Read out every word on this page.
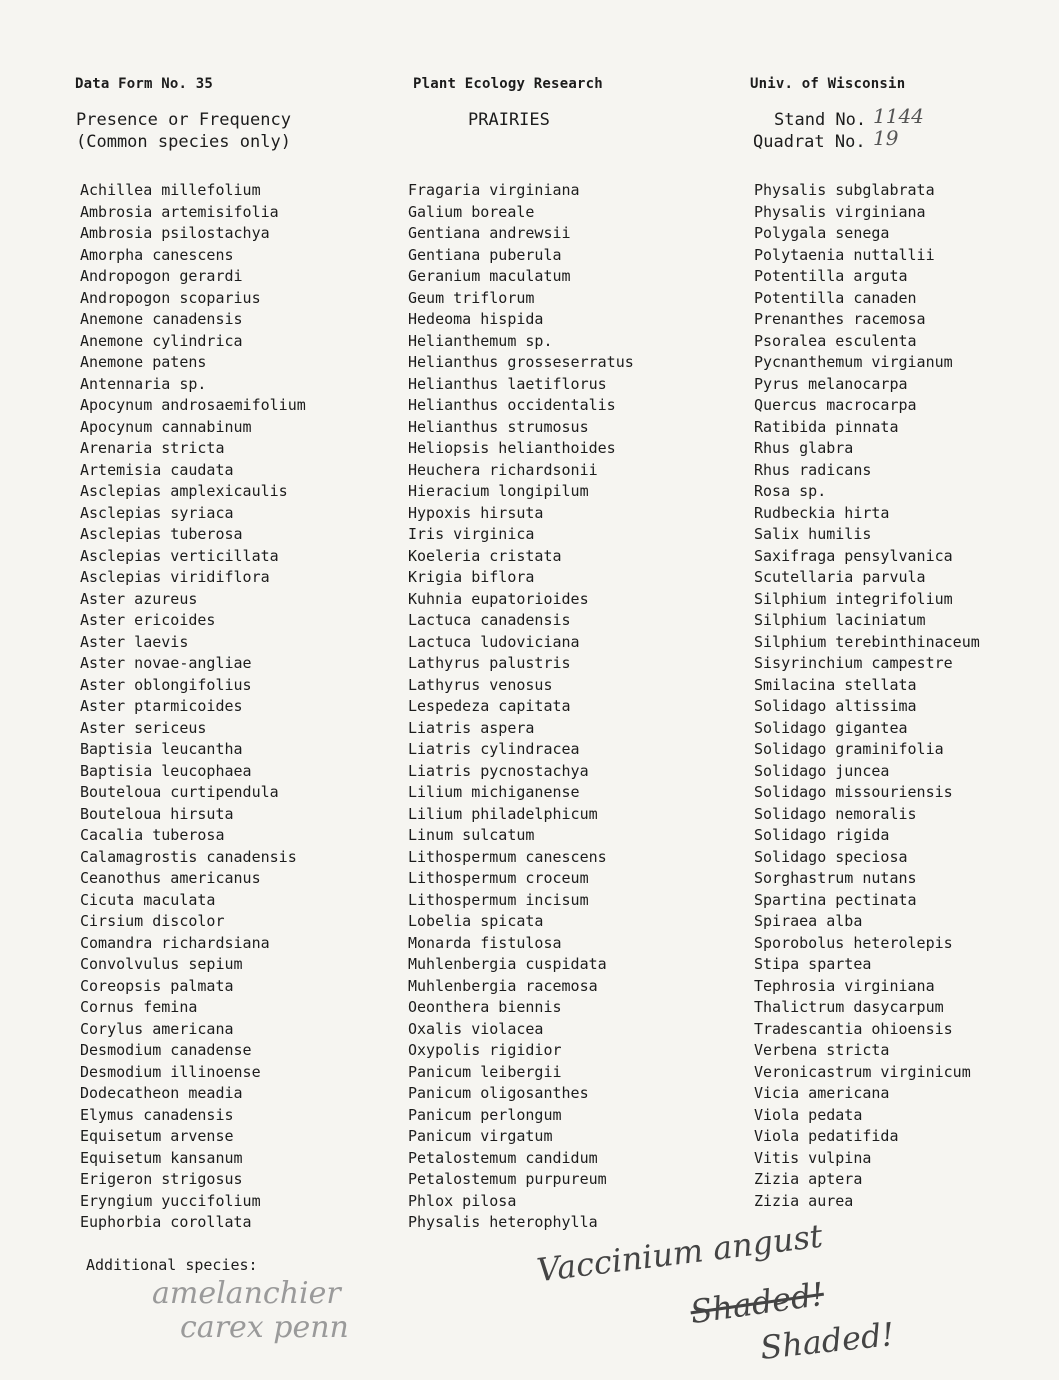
Data Form No. 35	Plant Ecology Research	Univ. of Wisconsin
Presence or Frequency
(Common species only)
PRAIRIES	Stand No. 1144
Quadrat No. 19
Achillea millefolium
Ambrosia artemisifolia
Ambrosia psilostachya
Amorpha canescens
Andropogon gerardi
Andropogon scoparius
Anemone canadensis
Anemone cylindrica
Anemone patens
Antennaria sp.
Apocynum androsaemifolium
Apocynum cannabinum
Arenaria stricta
Artemisia caudata
Asclepias amplexicaulis
Asclepias syriaca
Asclepias tuberosa
Asclepias verticillata
Asclepias viridiflora
Aster azureus
Aster ericoides
Aster laevis
Aster novae-angliae
Aster oblongifolius
Aster ptarmicoides
Aster sericeus
Baptisia leucantha
Baptisia leucophaea
Bouteloua curtipendula
Bouteloua hirsuta
Cacalia tuberosa
Calamagrostis canadensis
Ceanothus americanus
Cicuta maculata
Cirsium discolor
Comandra richardsiana
Convolvulus sepium
Coreopsis palmata
Cornus femina
Corylus americana
Desmodium canadense
Desmodium illinoense
Dodecatheon meadia
Elymus canadensis
Equisetum arvense
Equisetum kansanum
Erigeron strigosus
Eryngium yuccifolium
Euphorbia corollata
Fragaria virginiana
Galium boreale
Gentiana andrewsii
Gentiana puberula
Geranium maculatum
Geum triflorum
Hedeoma hispida
Helianthemum sp.
Helianthus grosseserratus
Helianthus laetiflorus
Helianthus occidentalis
Helianthus strumosus
Heliopsis helianthoides
Heuchera richardsonii
Hieracium longipilum
Hypoxis hirsuta
Iris virginica
Koeleria cristata
Krigia biflora
Kuhnia eupatorioides
Lactuca canadensis
Lactuca ludoviciana
Lathyrus palustris
Lathyrus venosus
Lespedeza capitata
Liatris aspera
Liatris cylindracea
Liatris pycnostachya
Lilium michiganense
Lilium philadelphicum
Linum sulcatum
Lithospermum canescens
Lithospermum croceum
Lithospermum incisum
Lobelia spicata
Monarda fistulosa
Muhlenbergia cuspidata
Muhlenbergia racemosa
Oeonthera biennis
Oxalis violacea
Oxypolis rigidior
Panicum leibergii
Panicum oligosanthes
Panicum perlongum
Panicum virgatum
Petalostemum candidum
Petalostemum purpureum
Phlox pilosa
Physalis heterophylla
Physalis subglabrata
Physalis virginiana
Polygala senega
Polytaenia nuttallii
Potentilla arguta
Potentilla canaden
Prenanthes racemosa
Psoralea esculenta
Pycnanthemum virgianum
Pyrus melanocarpa
Quercus macrocarpa
Ratibida pinnata
Rhus glabra
Rhus radicans
Rosa sp.
Rudbeckia hirta
Salix humilis
Saxifraga pensylvanica
Scutellaria parvula
Silphium integrifolium
Silphium laciniatum
Silphium terebinthinaceum
Sisyrinchium campestre
Smilacina stellata
Solidago altissima
Solidago gigantea
Solidago graminifolia
Solidago juncea
Solidago missouriensis
Solidago nemoralis
Solidago rigida
Solidago speciosa
Sorghastrum nutans
Spartina pectinata
Spiraea alba
Sporobolus heterolepis
Stipa spartea
Tephrosia virginiana
Thalictrum dasycarpum
Tradescantia ohioensis
Verbena stricta
Veronicastrum virginicum
Vicia americana
Viola pedata
Viola pedatifida
Vitis vulpina
Zizia aptera
Zizia aurea
Additional species:
amelanchier
carex penn
Vaccinium angust
Shaded!
Shaded!
